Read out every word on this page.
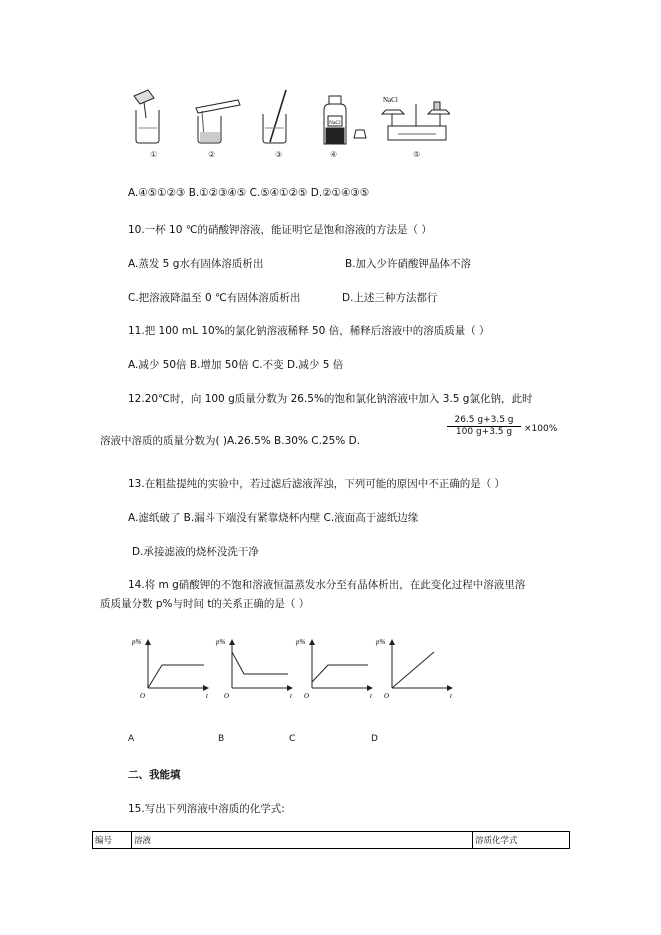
NaCl
NaCl
①	②	③	④	⑤
A.④⑤①②③ B.①②③④⑤ C.⑤④①②⑤ D.②①④③⑤
10.一杯 10 ℃的硝酸钾溶液，能证明它是饱和溶液的方法是（ ）
A.蒸发 5 g水有固体溶质析出	B.加入少许硝酸钾晶体不溶
C.把溶液降温至 0 ℃有固体溶质析出	D.上述三种方法都行
11.把 100 mL 10%的氯化钠溶液稀释 50 倍，稀释后溶液中的溶质质量（ ）
A.减少 50倍 B.增加 50倍 C.不变 D.减少 5 倍
12.20℃时，向 100 g质量分数为 26.5%的饱和氯化钠溶液中加入 3.5 g氯化钠，此时
溶液中溶质的质量分数为( )A.26.5% B.30% C.25% D.
$\frac{26.5 g+3.5 g}{100 g+3.5 g} \times 100\%$
13.在粗盐提纯的实验中，若过滤后滤液浑浊，下列可能的原因中不正确的是（ ）
A.滤纸破了 B.漏斗下端没有紧靠烧杯内壁 C.液面高于滤纸边缘
D.承接滤液的烧杯没洗干净
14.将 m g硝酸钾的不饱和溶液恒温蒸发水分至有晶体析出，在此变化过程中溶液里溶
质质量分数 p%与时间 t的关系正确的是（ ）
p%
t
O
p%
t
O
p%
t
O
p%
t
O
A	B	C	D
二、我能填
15.写出下列溶液中溶质的化学式:
编号	溶液	溶质化学式
